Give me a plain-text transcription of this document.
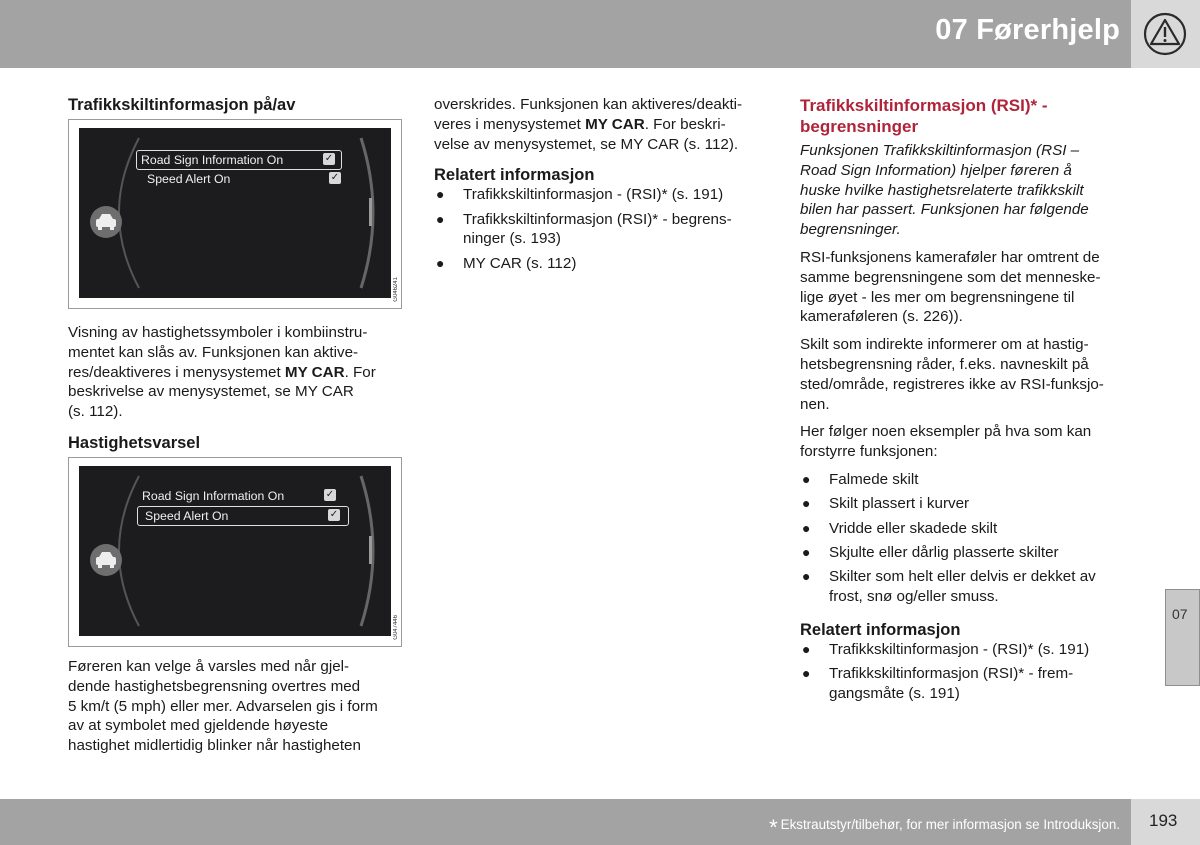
07 Førerhjelp
Trafikkskiltinformasjon på/av
Road Sign Information On	✓
Speed Alert On	✓
G046241

Visning av hastighetssymboler i kombiinstru-
mentet kan slås av. Funksjonen kan aktive-
res/deaktiveres i menysystemet MY CAR. For
beskrivelse av menysystemet, se MY CAR
(s. 112).

Hastighetsvarsel
Road Sign Information On	✓
Speed Alert On	✓
G047446

Føreren kan velge å varsles med når gjel-
dende hastighetsbegrensning overtres med
5 km/t (5 mph) eller mer. Advarselen gis i form
av at symbolet med gjeldende høyeste
hastighet midlertidig blinker når hastigheten

overskrides. Funksjonen kan aktiveres/deakti-
veres i menysystemet MY CAR. For beskri-
velse av menysystemet, se MY CAR (s. 112).

Relatert informasjon
● Trafikkskiltinformasjon - (RSI)* (s. 191)
● Trafikkskiltinformasjon (RSI)* - begrens-
ninger (s. 193)
● MY CAR (s. 112)
Trafikkskiltinformasjon (RSI)* -
begrensninger

Funksjonen Trafikkskiltinformasjon (RSI –
Road Sign Information) hjelper føreren å
huske hvilke hastighetsrelaterte trafikkskilt
bilen har passert. Funksjonen har følgende
begrensninger.

RSI-funksjonens kameraføler har omtrent de
samme begrensningene som det menneske-
lige øyet - les mer om begrensningene til
kameraføleren (s. 226)).

Skilt som indirekte informerer om at hastig-
hetsbegrensning råder, f.eks. navneskilt på
sted/område, registreres ikke av RSI-funksjo-
nen.

Her følger noen eksempler på hva som kan
forstyrre funksjonen:

● Falmede skilt
● Skilt plassert i kurver
● Vridde eller skadede skilt
● Skjulte eller dårlig plasserte skilter
● Skilter som helt eller delvis er dekket av
frost, snø og/eller smuss.
Relatert informasjon
● Trafikkskiltinformasjon - (RSI)* (s. 191)
● Trafikkskiltinformasjon (RSI)* - frem-
gangsmåte (s. 191)
07
* Ekstrautstyr/tilbehør, for mer informasjon se Introduksjon. 193
